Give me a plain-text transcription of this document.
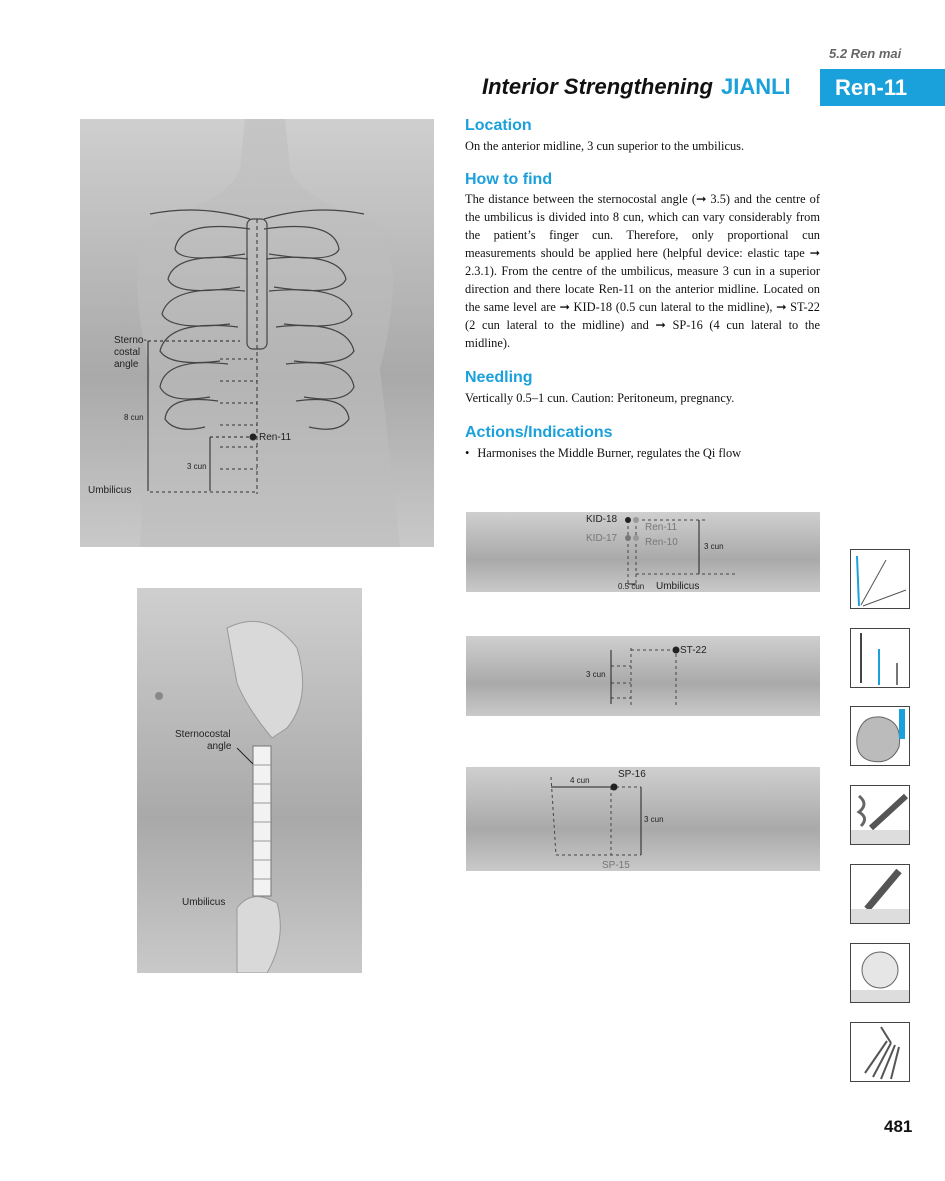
5.2 Ren mai
Interior Strengthening JIANLI	Ren-11
Location
On the anterior midline, 3 cun superior to the umbilicus.
How to find
The distance between the sternocostal angle (➞ 3.5) and the centre of the umbilicus is divided into 8 cun, which can vary considerably from the patient’s finger cun. Therefore, only proportional cun measurements should be applied here (helpful device: elastic tape ➞ 2.3.1). From the centre of the umbilicus, measure 3 cun in a superior direction and there locate Ren-11 on the anterior midline. Located on the same level are ➞ KID-18 (0.5 cun lateral to the midline), ➞ ST-22 (2 cun lateral to the midline) and ➞ SP-16 (4 cun lateral to the midline).
Needling
Vertically 0.5–1 cun. Caution: Peritoneum, pregnancy.
Actions/Indications
• Harmonises the Middle Burner, regulates the Qi flow
Sterno-
costal
angle
8 cun
3 cun
Ren-11
Umbilicus
Sternocostal
angle
Umbilicus
KID-18
KID-17
Ren-11
Ren-10	3 cun
0.5 cun Umbilicus
ST-22
3 cun
SP-16
SP-15
4 cun
3 cun
481
